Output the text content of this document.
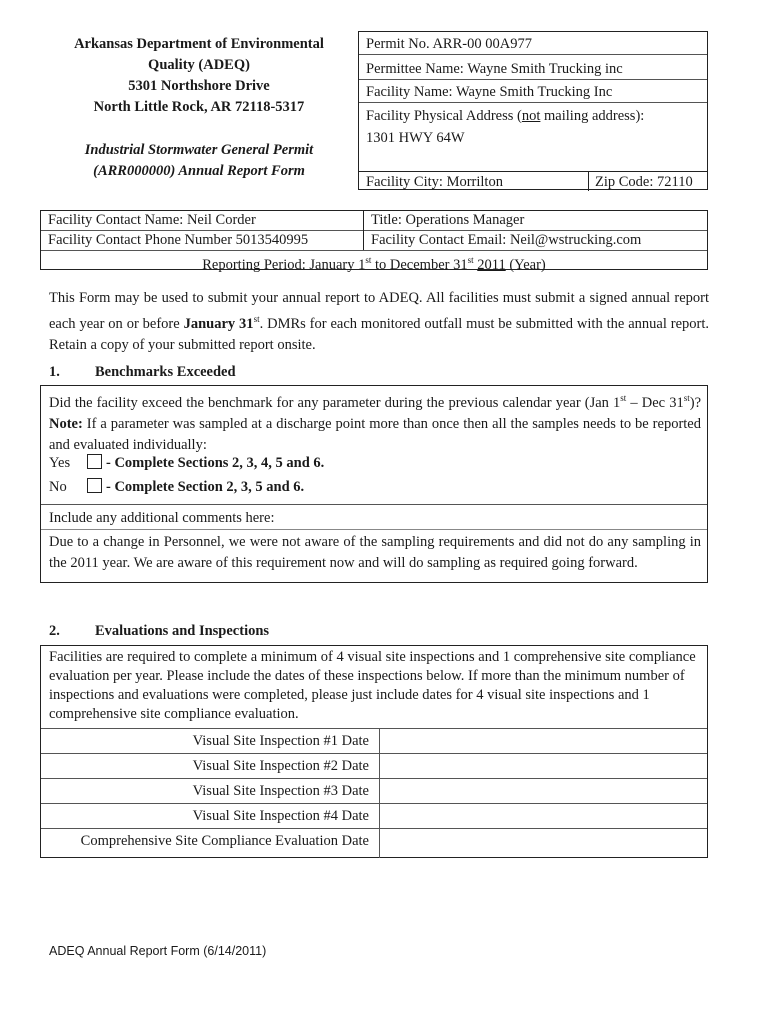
Arkansas Department of Environmental
Quality (ADEQ)
5301 Northshore Drive
North Little Rock, AR 72118-5317
Industrial Stormwater General Permit
(ARR000000) Annual Report Form
Permit No. ARR-00 00A977
Permittee Name: Wayne Smith Trucking inc
Facility Name: Wayne Smith Trucking Inc
Facility Physical Address (not mailing address):
1301 HWY 64W
Facility City: Morrilton	Zip Code: 72110
Facility Contact Name: Neil Corder	Title: Operations Manager
Facility Contact Phone Number 5013540995	Facility Contact Email: Neil@wstrucking.com
Reporting Period: January 1st to December 31st 2011 (Year)
This Form may be used to submit your annual report to ADEQ. All facilities must submit a signed annual report each year on or before January 31st. DMRs for each monitored outfall must be submitted with the annual report. Retain a copy of your submitted report onsite.
1. Benchmarks Exceeded
Did the facility exceed the benchmark for any parameter during the previous calendar year (Jan 1st – Dec 31st)? Note: If a parameter was sampled at a discharge point more than once then all the samples needs to be reported and evaluated individually:
Yes - Complete Sections 2, 3, 4, 5 and 6.
No	- Complete Section 2, 3, 5 and 6.
Include any additional comments here:
Due to a change in Personnel, we were not aware of the sampling requirements and did not do any sampling in the 2011 year. We are aware of this requirement now and will do sampling as required going forward.
2. Evaluations and Inspections
Facilities are required to complete a minimum of 4 visual site inspections and 1 comprehensive site compliance evaluation per year. Please include the dates of these inspections below. If more than the minimum number of inspections and evaluations were completed, please just include dates for 4 visual site inspections and 1 comprehensive site compliance evaluation.
Visual Site Inspection #1 Date
Visual Site Inspection #2 Date
Visual Site Inspection #3 Date
Visual Site Inspection #4 Date
Comprehensive Site Compliance Evaluation Date
ADEQ Annual Report Form (6/14/2011)
